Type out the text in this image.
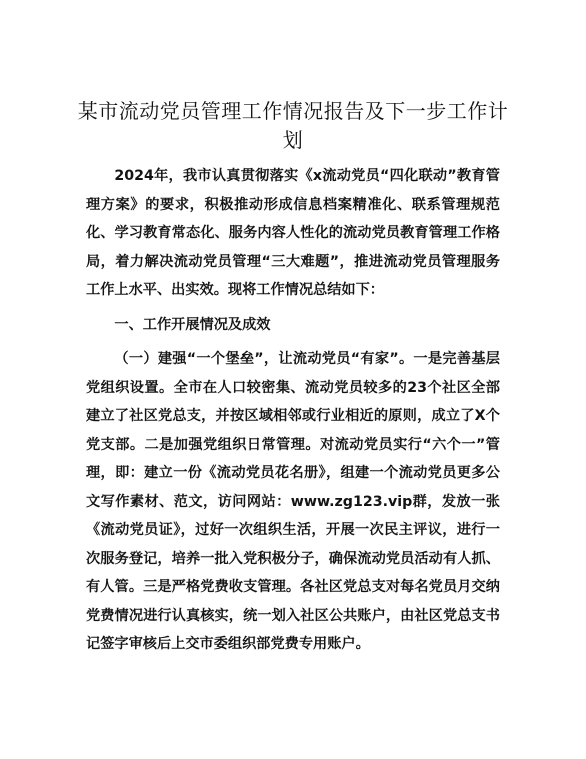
某市流动党员管理工作情况报告及下一步工作计划

2024年，我市认真贯彻落实《x流动党员“四化联动”教育管理方案》的要求，积极推动形成信息档案精准化、联系管理规范化、学习教育常态化、服务内容人性化的流动党员教育管理工作格局，着力解决流动党员管理“三大难题”，推进流动党员管理服务工作上水平、出实效。现将工作情况总结如下：

一、工作开展情况及成效

（一）建强“一个堡垒”，让流动党员“有家”。一是完善基层党组织设置。全市在人口较密集、流动党员较多的23个社区全部建立了社区党总支，并按区域相邻或行业相近的原则，成立了X个党支部。二是加强党组织日常管理。对流动党员实行“六个一”管理，即：建立一份《流动党员花名册》，组建一个流动党员更多公文写作素材、范文，访问网站：www.zg123.vip群，发放一张《流动党员证》，过好一次组织生活，开展一次民主评议，进行一次服务登记，培养一批入党积极分子，确保流动党员活动有人抓、有人管。三是严格党费收支管理。各社区党总支对每名党员月交纳党费情况进行认真核实，统一划入社区公共账户，由社区党总支书记签字审核后上交市委组织部党费专用账户。
